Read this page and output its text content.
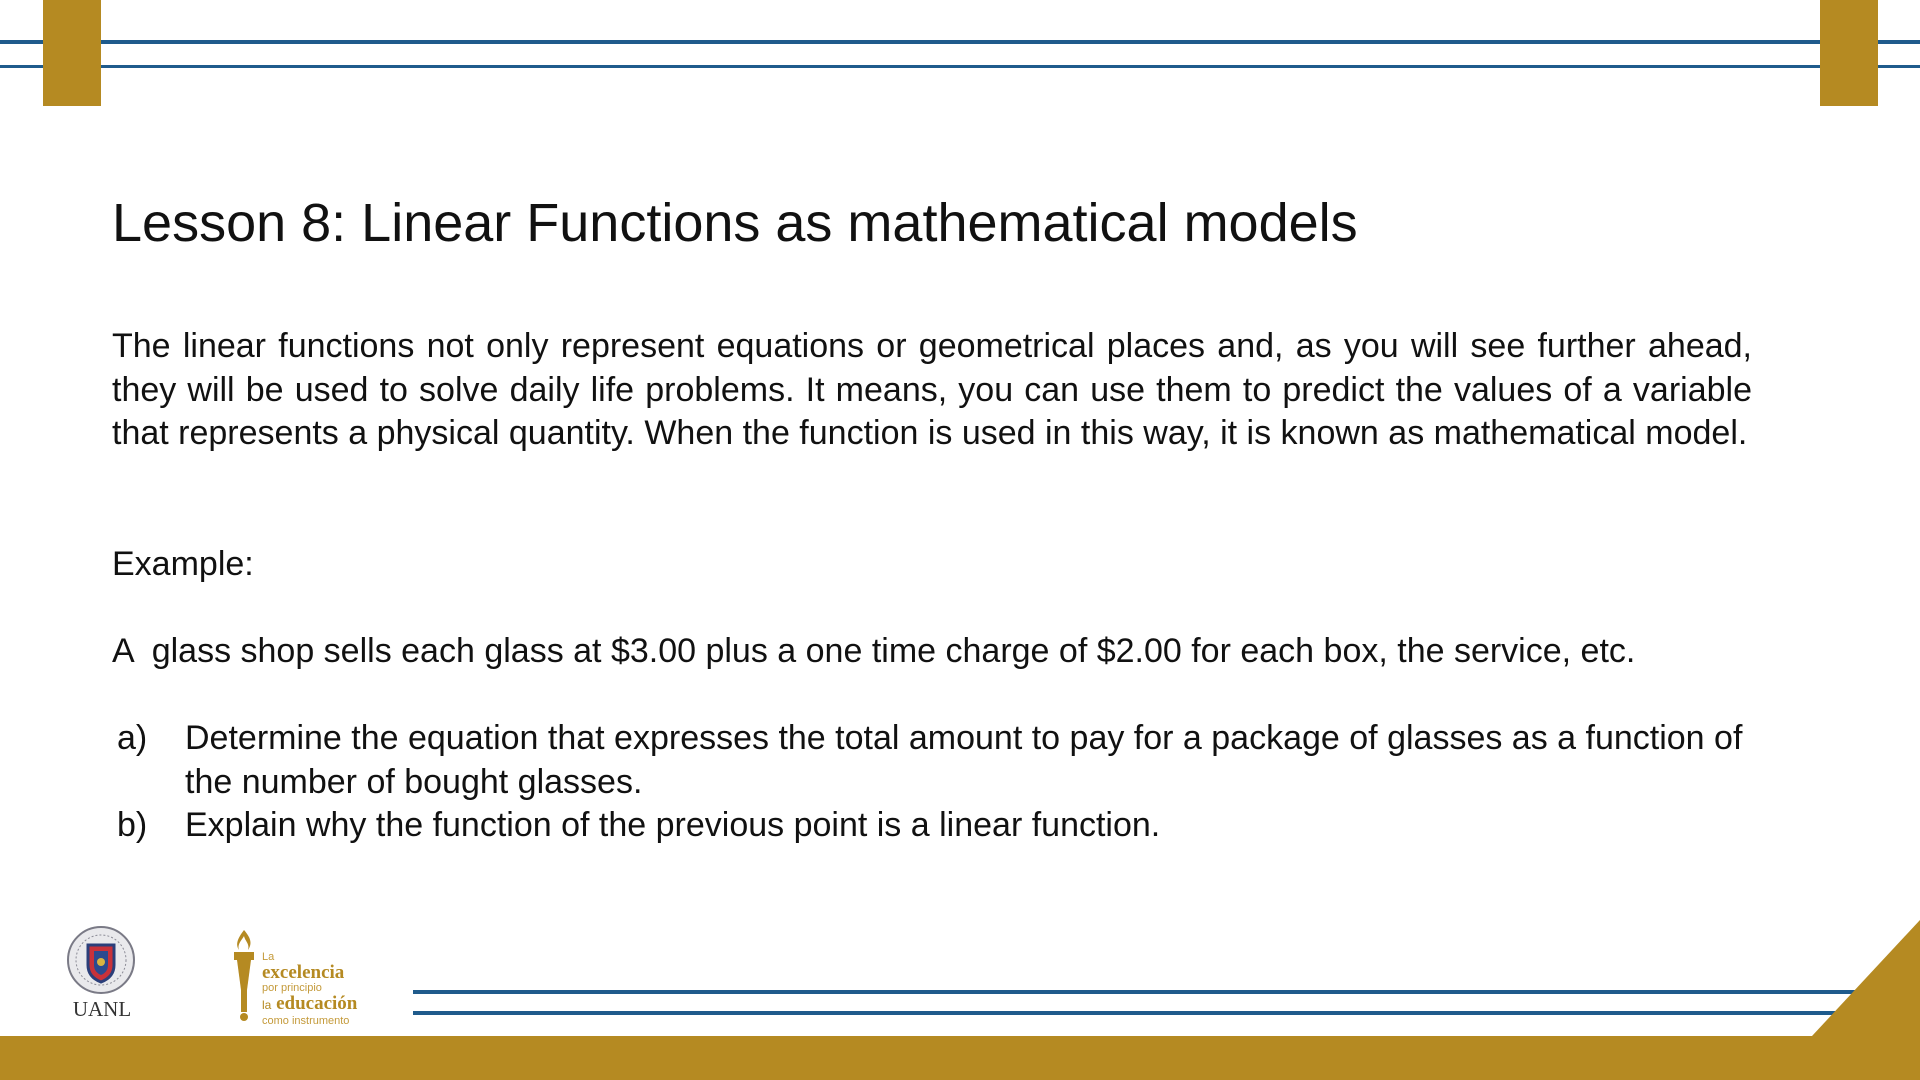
Lesson 8: Linear Functions as mathematical models

The linear functions not only represent equations or geometrical places and, as you will see further ahead, they will be used to solve daily life problems. It means, you can use them to predict the values of a variable that represents a physical quantity. When the function is used in this way, it is known as mathematical model.

Example:

A  glass shop sells each glass at $3.00 plus a one time charge of $2.00 for each box, the service, etc.

a) Determine the equation that expresses the total amount to pay for a package of glasses as a function of the number of bought glasses.
b) Explain why the function of the previous point is a linear function.
UANL
La
excelencia
por principio
la educación
como instrumento
